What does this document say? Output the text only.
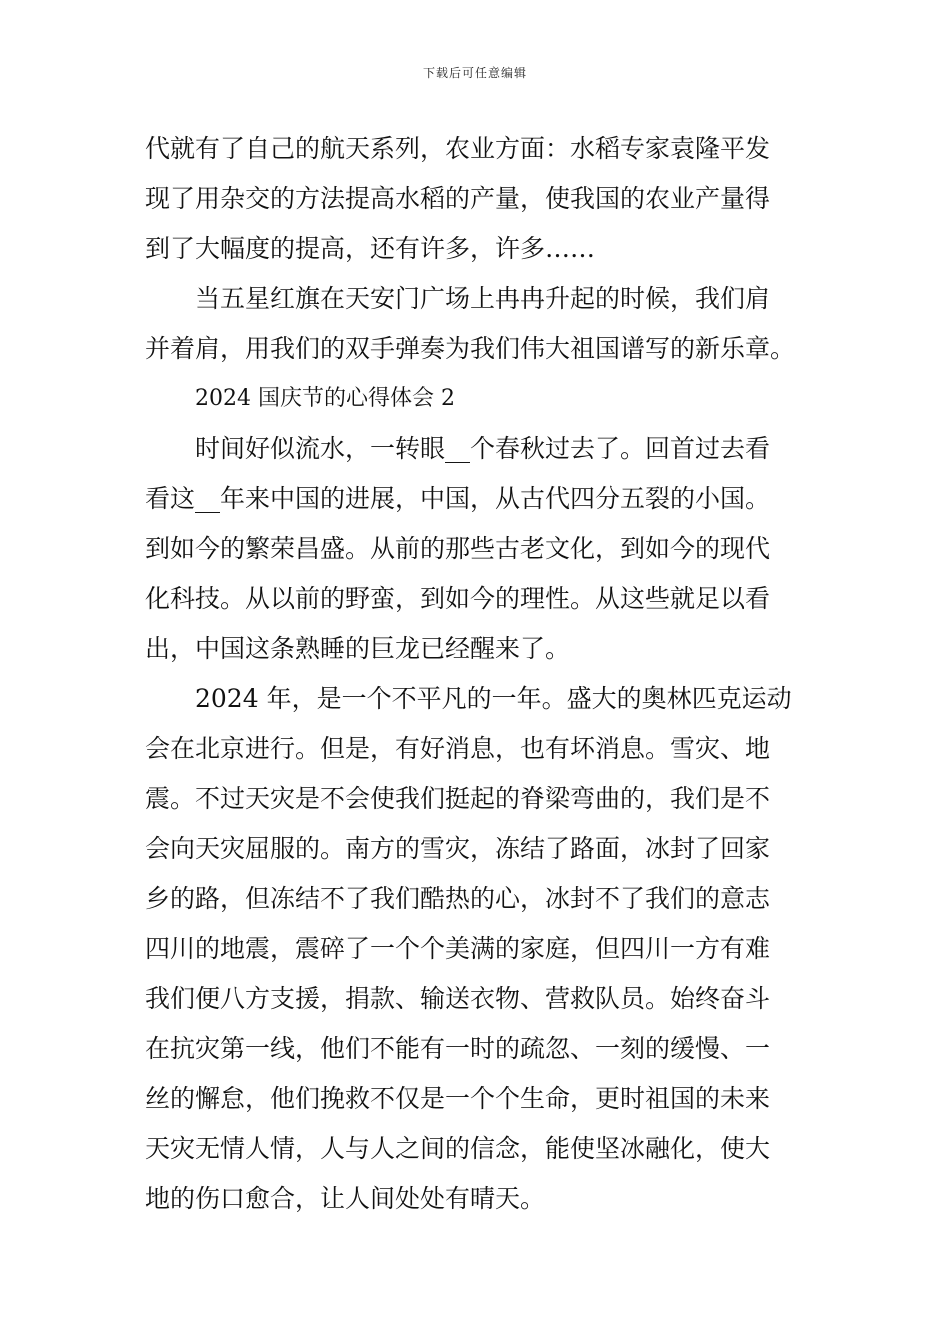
下载后可任意编辑
代就有了自己的航天系列，农业方面：水稻专家袁隆平发
现了用杂交的方法提高水稻的产量，使我国的农业产量得
到了大幅度的提高，还有许多，许多……
当五星红旗在天安门广场上冉冉升起的时候，我们肩
并着肩，用我们的双手弹奏为我们伟大祖国谱写的新乐章。
2024 国庆节的心得体会 2
时间好似流水，一转眼__个春秋过去了。回首过去看
看这__年来中国的进展，中国，从古代四分五裂的小国。
到如今的繁荣昌盛。从前的那些古老文化，到如今的现代
化科技。从以前的野蛮，到如今的理性。从这些就足以看
出，中国这条熟睡的巨龙已经醒来了。
2024 年，是一个不平凡的一年。盛大的奥林匹克运动
会在北京进行。但是，有好消息，也有坏消息。雪灾、地
震。不过天灾是不会使我们挺起的脊梁弯曲的，我们是不
会向天灾屈服的。南方的雪灾，冻结了路面，冰封了回家
乡的路，但冻结不了我们酷热的心，冰封不了我们的意志
四川的地震，震碎了一个个美满的家庭，但四川一方有难
我们便八方支援，捐款、输送衣物、营救队员。始终奋斗
在抗灾第一线，他们不能有一时的疏忽、一刻的缓慢、一
丝的懈怠，他们挽救不仅是一个个生命，更时祖国的未来
天灾无情人情，人与人之间的信念，能使坚冰融化，使大
地的伤口愈合，让人间处处有晴天。
